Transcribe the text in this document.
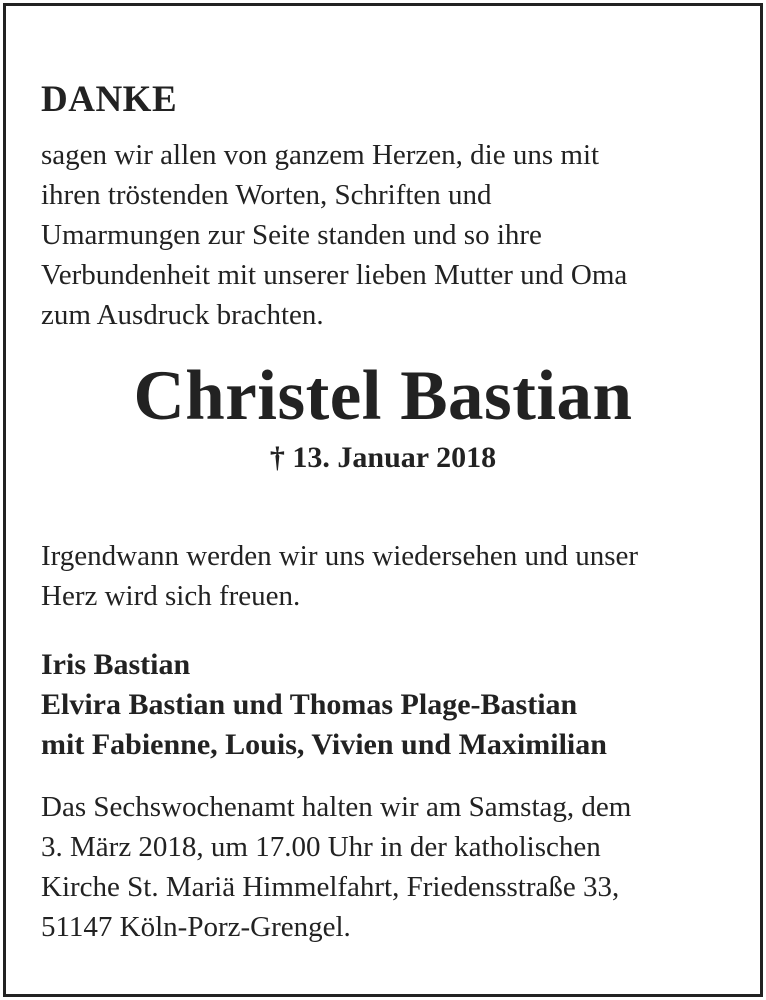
DANKE

sagen wir allen von ganzem Herzen, die uns mit
ihren tröstenden Worten, Schriften und
Umarmungen zur Seite standen und so ihre
Verbundenheit mit unserer lieben Mutter und Oma
zum Ausdruck brachten.

Christel Bastian

† 13. Januar 2018

Irgendwann werden wir uns wiedersehen und unser
Herz wird sich freuen.

Iris Bastian
Elvira Bastian und Thomas Plage-Bastian
mit Fabienne, Louis, Vivien und Maximilian

Das Sechswochenamt halten wir am Samstag, dem
3. März 2018, um 17.00 Uhr in der katholischen
Kirche St. Mariä Himmelfahrt, Friedensstraße 33,
51147 Köln-Porz-Grengel.
